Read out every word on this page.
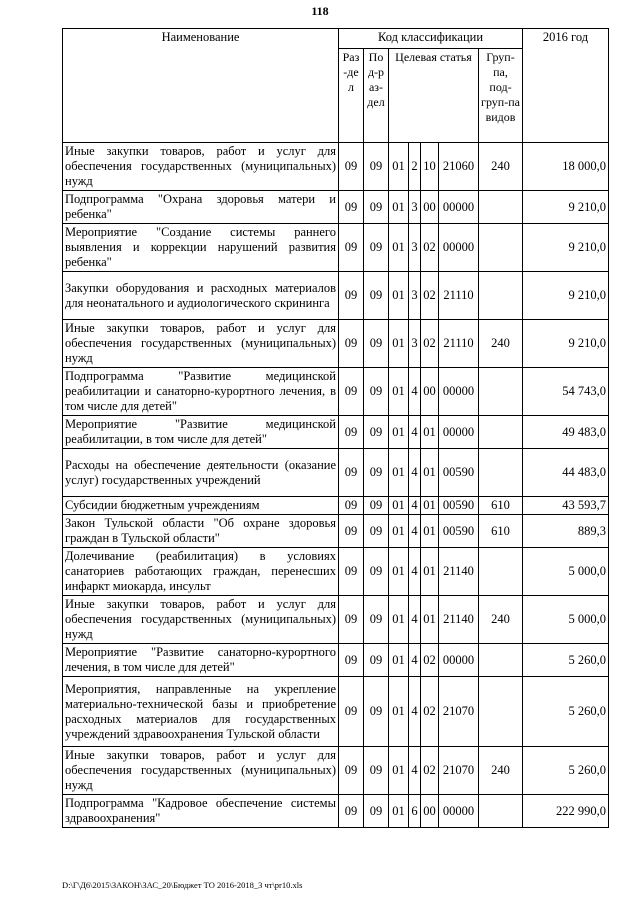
118
Наименование	Код классификации							2016 год
	Раз-дел	Под-раз-дел	Целевая статья				Груп-па, под-груп-па видов	
Иные закупки товаров, работ и услуг для обеспечения государственных (муниципальных) нужд	09	09	01	2	10	21060	240	18 000,0
Подпрограмма "Охрана здоровья матери и ребенка"	09	09	01	3	00	00000		9 210,0
Мероприятие "Создание системы раннего выявления и коррекции нарушений развития ребенка"	09	09	01	3	02	00000		9 210,0
Закупки оборудования и расходных материалов для неонатального и аудиологического скрининга	09	09	01	3	02	21110		9 210,0
Иные закупки товаров, работ и услуг для обеспечения государственных (муниципальных) нужд	09	09	01	3	02	21110	240	9 210,0
Подпрограмма "Развитие медицинской реабилитации и санаторно-курортного лечения, в том числе для детей"	09	09	01	4	00	00000		54 743,0
Мероприятие "Развитие медицинской реабилитации, в том числе для детей"	09	09	01	4	01	00000		49 483,0
Расходы на обеспечение деятельности (оказание услуг) государственных учреждений	09	09	01	4	01	00590		44 483,0
Субсидии бюджетным учреждениям	09	09	01	4	01	00590	610	43 593,7
Закон Тульской области "Об охране здоровья граждан в Тульской области"	09	09	01	4	01	00590	610	889,3
Долечивание (реабилитация) в условиях санаториев работающих граждан, перенесших инфаркт миокарда, инсульт	09	09	01	4	01	21140		5 000,0
Иные закупки товаров, работ и услуг для обеспечения государственных (муниципальных) нужд	09	09	01	4	01	21140	240	5 000,0
Мероприятие "Развитие санаторно-курортного лечения, в том числе для детей"	09	09	01	4	02	00000		5 260,0
Мероприятия, направленные на укрепление материально-технической базы и приобретение расходных материалов для государственных учреждений здравоохранения Тульской области	09	09	01	4	02	21070		5 260,0
Иные закупки товаров, работ и услуг для обеспечения государственных (муниципальных) нужд	09	09	01	4	02	21070	240	5 260,0
Подпрограмма "Кадровое обеспечение системы здравоохранения"	09	09	01	6	00	00000		222 990,0
D:\Г\Д6\2015\ЗАКОН\ЗАС_20\Бюджет ТО 2016-2018_3 чт\pr10.xls
